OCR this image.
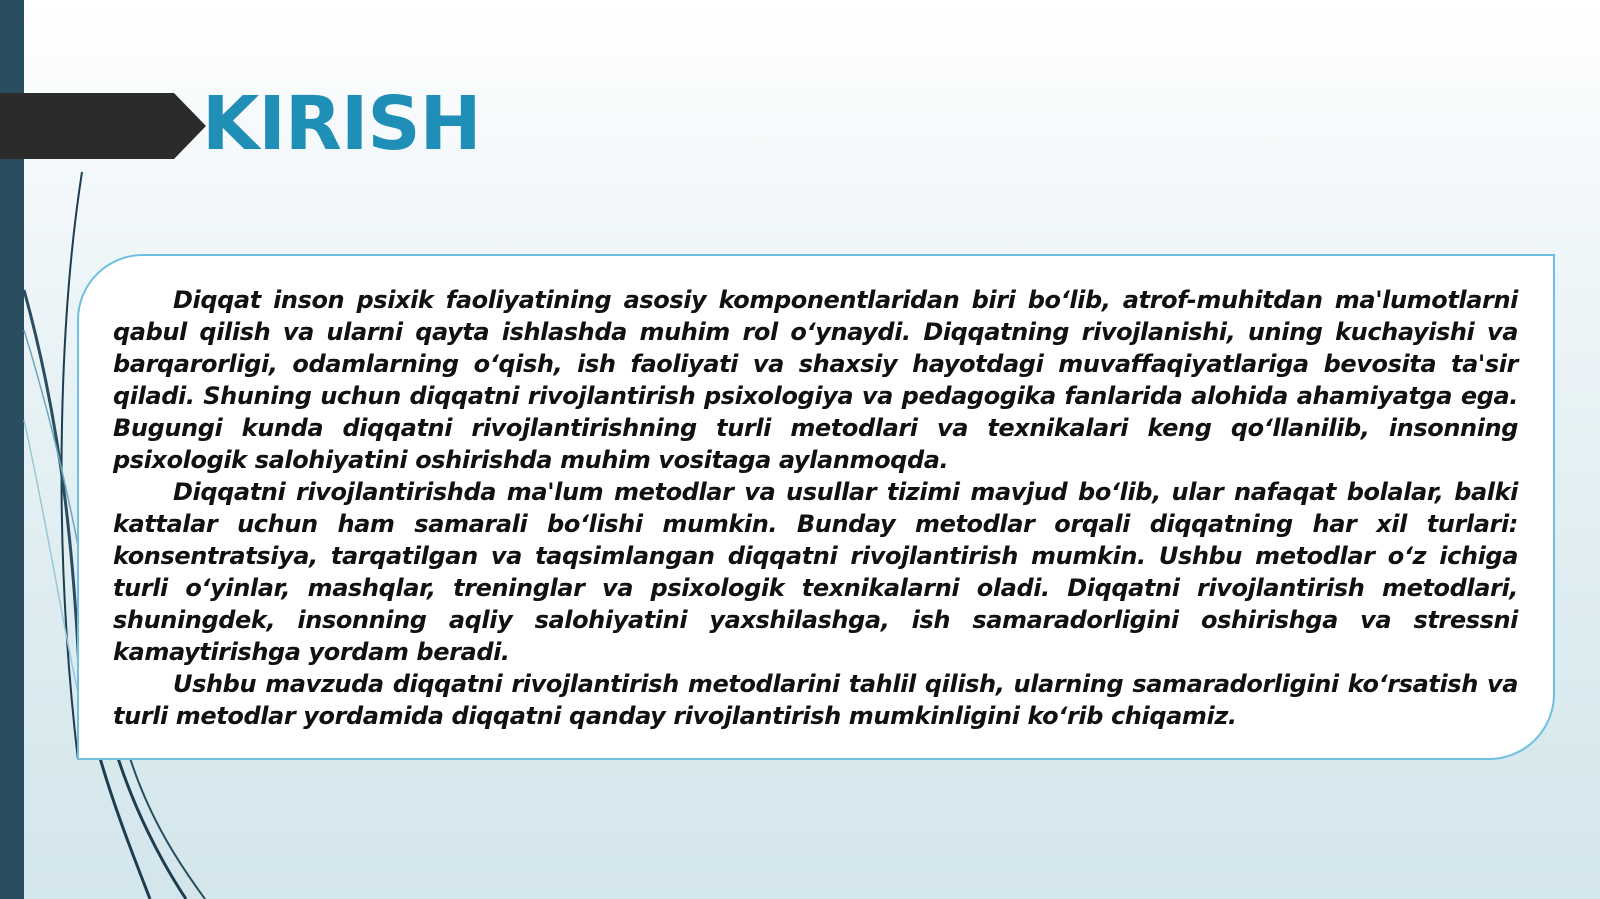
KIRISH

Diqqat inson psixik faoliyatining asosiy komponentlaridan biri bo‘lib, atrof-muhitdan ma'lumotlarni qabul qilish va ularni qayta ishlashda muhim rol o‘ynaydi. Diqqatning rivojlanishi, uning kuchayishi va barqarorligi, odamlarning o‘qish, ish faoliyati va shaxsiy hayotdagi muvaffaqiyatlariga bevosita ta'sir qiladi. Shuning uchun diqqatni rivojlantirish psixologiya va pedagogika fanlarida alohida ahamiyatga ega. Bugungi kunda diqqatni rivojlantirishning turli metodlari va texnikalari keng qo‘llanilib, insonning psixologik salohiyatini oshirishda muhim vositaga aylanmoqda.

Diqqatni rivojlantirishda ma'lum metodlar va usullar tizimi mavjud bo‘lib, ular nafaqat bolalar, balki kattalar uchun ham samarali bo‘lishi mumkin. Bunday metodlar orqali diqqatning har xil turlari: konsentratsiya, tarqatilgan va taqsimlangan diqqatni rivojlantirish mumkin. Ushbu metodlar o‘z ichiga turli o‘yinlar, mashqlar, treninglar va psixologik texnikalarni oladi. Diqqatni rivojlantirish metodlari, shuningdek, insonning aqliy salohiyatini yaxshilashga, ish samaradorligini oshirishga va stressni kamaytirishga yordam beradi.

Ushbu mavzuda diqqatni rivojlantirish metodlarini tahlil qilish, ularning samaradorligini ko‘rsatish va turli metodlar yordamida diqqatni qanday rivojlantirish mumkinligini ko‘rib chiqamiz.
